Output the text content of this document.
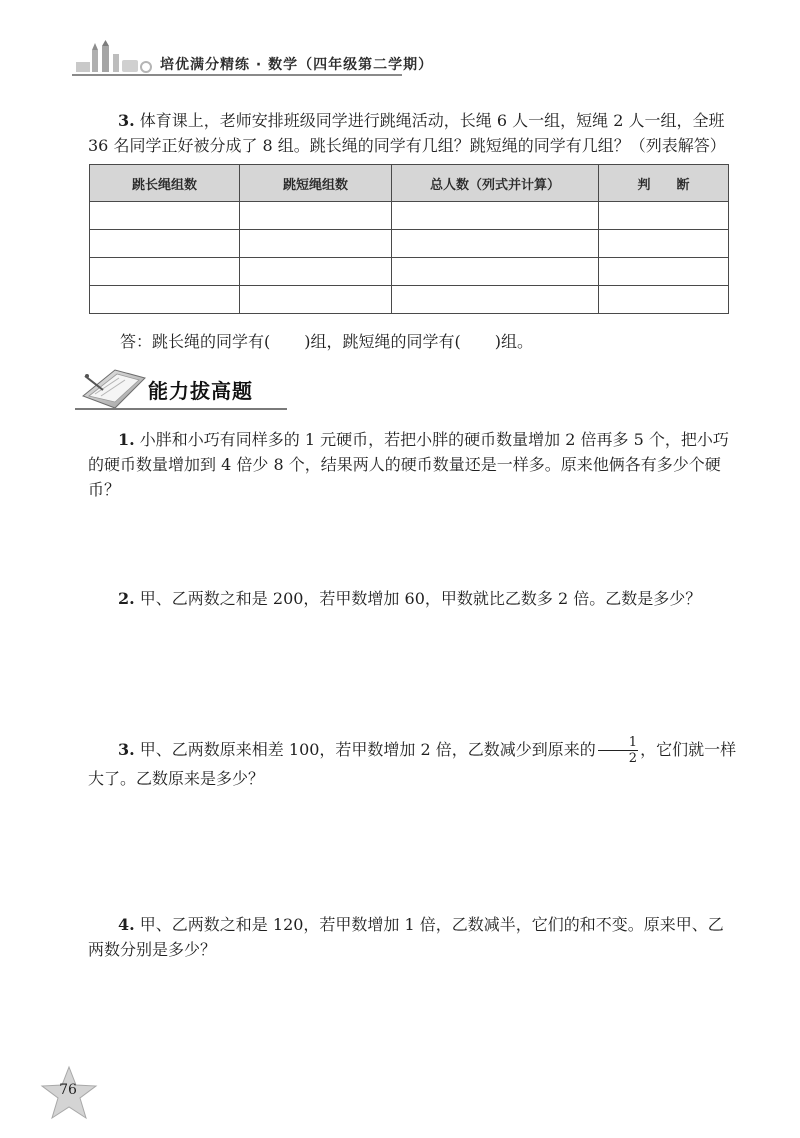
培优满分精练 · 数学（四年级第二学期）
3. 体育课上，老师安排班级同学进行跳绳活动，长绳 6 人一组，短绳 2 人一组，全班 36 名同学正好被分成了 8 组。跳长绳的同学有几组？跳短绳的同学有几组？（列表解答）
跳长绳组数	跳短绳组数	总人数（列式并计算）	判　　断

答：跳长绳的同学有( )组，跳短绳的同学有( )组。
能力拔高题
1. 小胖和小巧有同样多的 1 元硬币，若把小胖的硬币数量增加 2 倍再多 5 个，把小巧的硬币数量增加到 4 倍少 8 个，结果两人的硬币数量还是一样多。原来他俩各有多少个硬币？
2. 甲、乙两数之和是 200，若甲数增加 60，甲数就比乙数多 2 倍。乙数是多少？
3. 甲、乙两数原来相差 100，若甲数增加 2 倍，乙数减少到原来的 $\frac{1}{2}$ ，它们就一样大了。乙数原来是多少？
4. 甲、乙两数之和是 120，若甲数增加 1 倍，乙数减半，它们的和不变。原来甲、乙两数分别是多少？
76
